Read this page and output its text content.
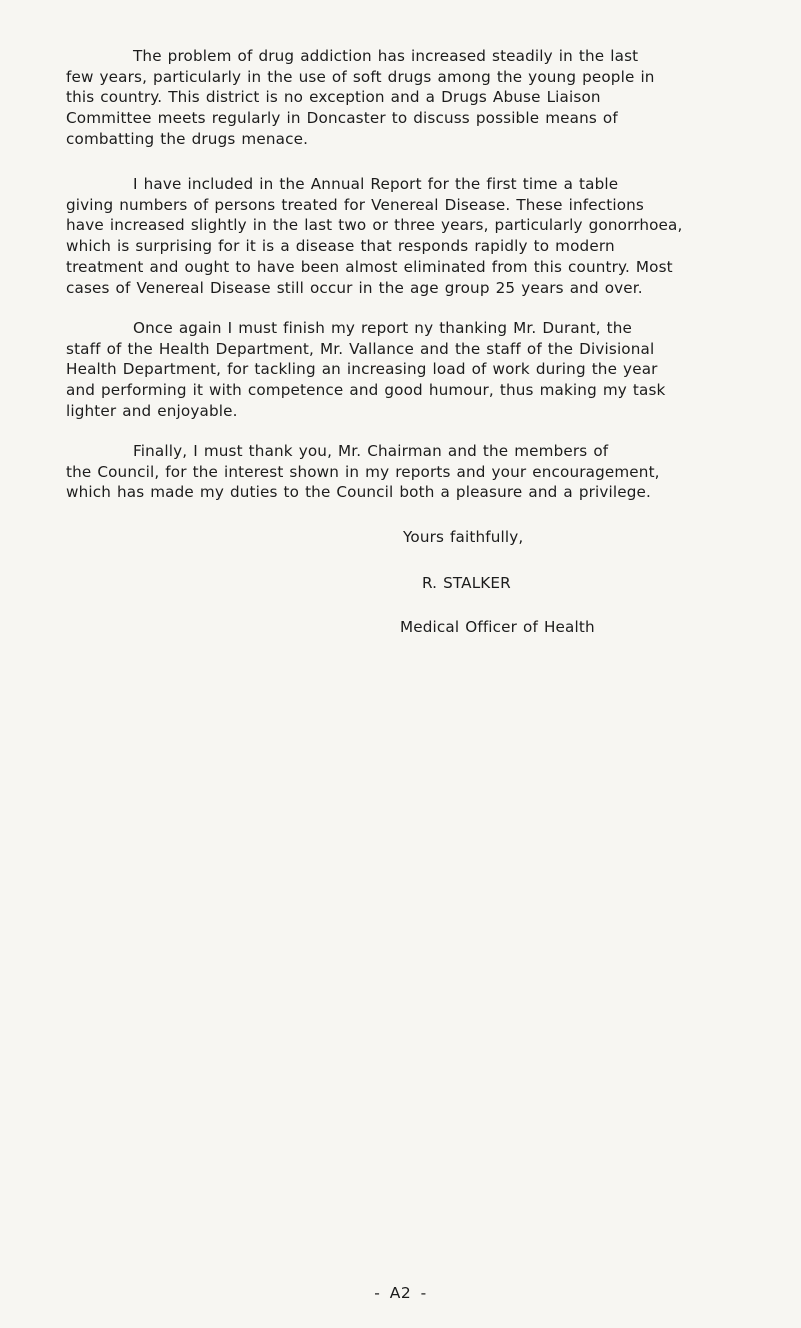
The problem of drug addiction has increased steadily in the last
few years, particularly in the use of soft drugs among the young people in
this country. This district is no exception and a Drugs Abuse Liaison
Committee meets regularly in Doncaster to discuss possible means of
combatting the drugs menace.

I have included in the Annual Report for the first time a table
giving numbers of persons treated for Venereal Disease. These infections
have increased slightly in the last two or three years, particularly gonorrhoea,
which is surprising for it is a disease that responds rapidly to modern
treatment and ought to have been almost eliminated from this country. Most
cases of Venereal Disease still occur in the age group 25 years and over.

Once again I must finish my report ny thanking Mr. Durant, the
staff of the Health Department, Mr. Vallance and the staff of the Divisional
Health Department, for tackling an increasing load of work during the year
and performing it with competence and good humour, thus making my task
lighter and enjoyable.

Finally, I must thank you, Mr. Chairman and the members of
the Council, for the interest shown in my reports and your encouragement,
which has made my duties to the Council both a pleasure and a privilege.

Yours faithfully,
R. STALKER
Medical Officer of Health
- A2 -
